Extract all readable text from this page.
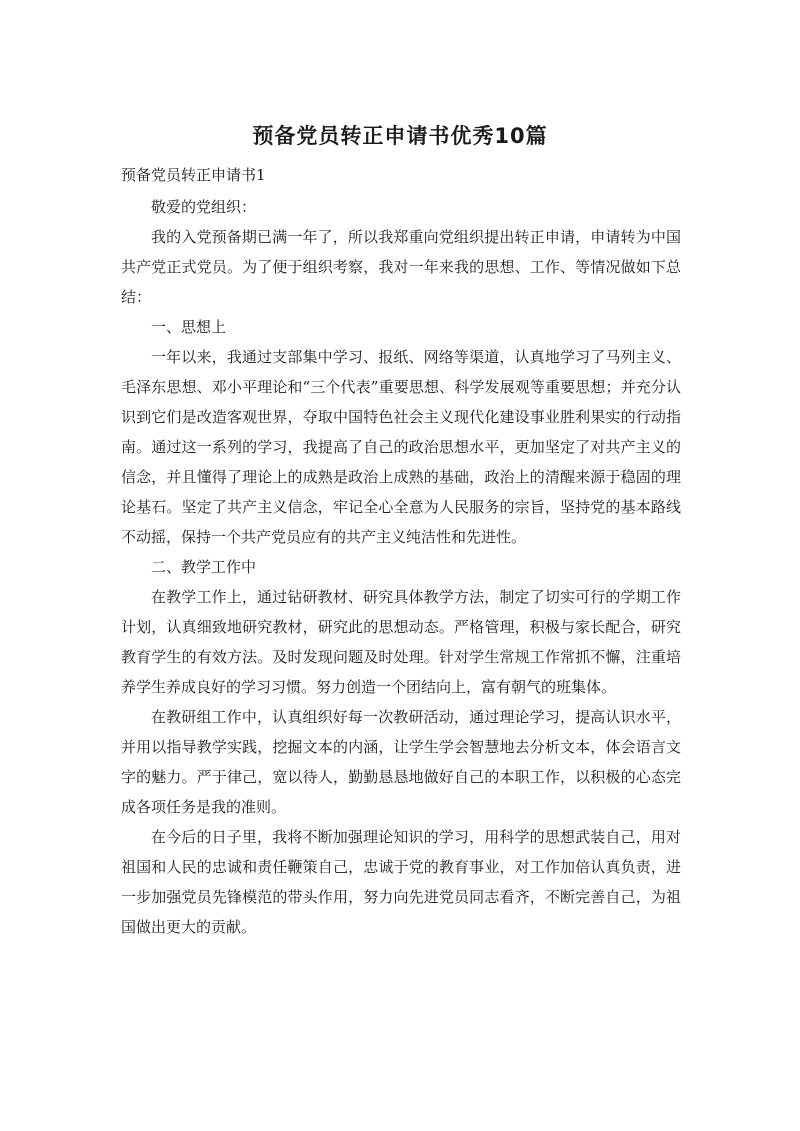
预备党员转正申请书优秀10篇
预备党员转正申请书1

敬爱的党组织：

我的入党预备期已满一年了，所以我郑重向党组织提出转正申请，申请转为中国共产党正式党员。为了便于组织考察，我对一年来我的思想、工作、等情况做如下总结：

一、思想上

一年以来，我通过支部集中学习、报纸、网络等渠道，认真地学习了马列主义、毛泽东思想、邓小平理论和“三个代表”重要思想、科学发展观等重要思想；并充分认识到它们是改造客观世界，夺取中国特色社会主义现代化建设事业胜利果实的行动指南。通过这一系列的学习，我提高了自己的政治思想水平，更加坚定了对共产主义的信念，并且懂得了理论上的成熟是政治上成熟的基础，政治上的清醒来源于稳固的理论基石。坚定了共产主义信念，牢记全心全意为人民服务的宗旨，坚持党的基本路线不动摇，保持一个共产党员应有的共产主义纯洁性和先进性。

二、教学工作中

在教学工作上，通过钻研教材、研究具体教学方法，制定了切实可行的学期工作计划，认真细致地研究教材，研究此的思想动态。严格管理，积极与家长配合，研究教育学生的有效方法。及时发现问题及时处理。针对学生常规工作常抓不懈，注重培养学生养成良好的学习习惯。努力创造一个团结向上，富有朝气的班集体。

在教研组工作中，认真组织好每一次教研活动，通过理论学习，提高认识水平，并用以指导教学实践，挖掘文本的内涵，让学生学会智慧地去分析文本，体会语言文字的魅力。严于律己，宽以待人，勤勤恳恳地做好自己的本职工作，以积极的心态完成各项任务是我的准则。

在今后的日子里，我将不断加强理论知识的学习，用科学的思想武装自己，用对祖国和人民的忠诚和责任鞭策自己，忠诚于党的教育事业，对工作加倍认真负责，进一步加强党员先锋模范的带头作用，努力向先进党员同志看齐，不断完善自己，为祖国做出更大的贡献。
